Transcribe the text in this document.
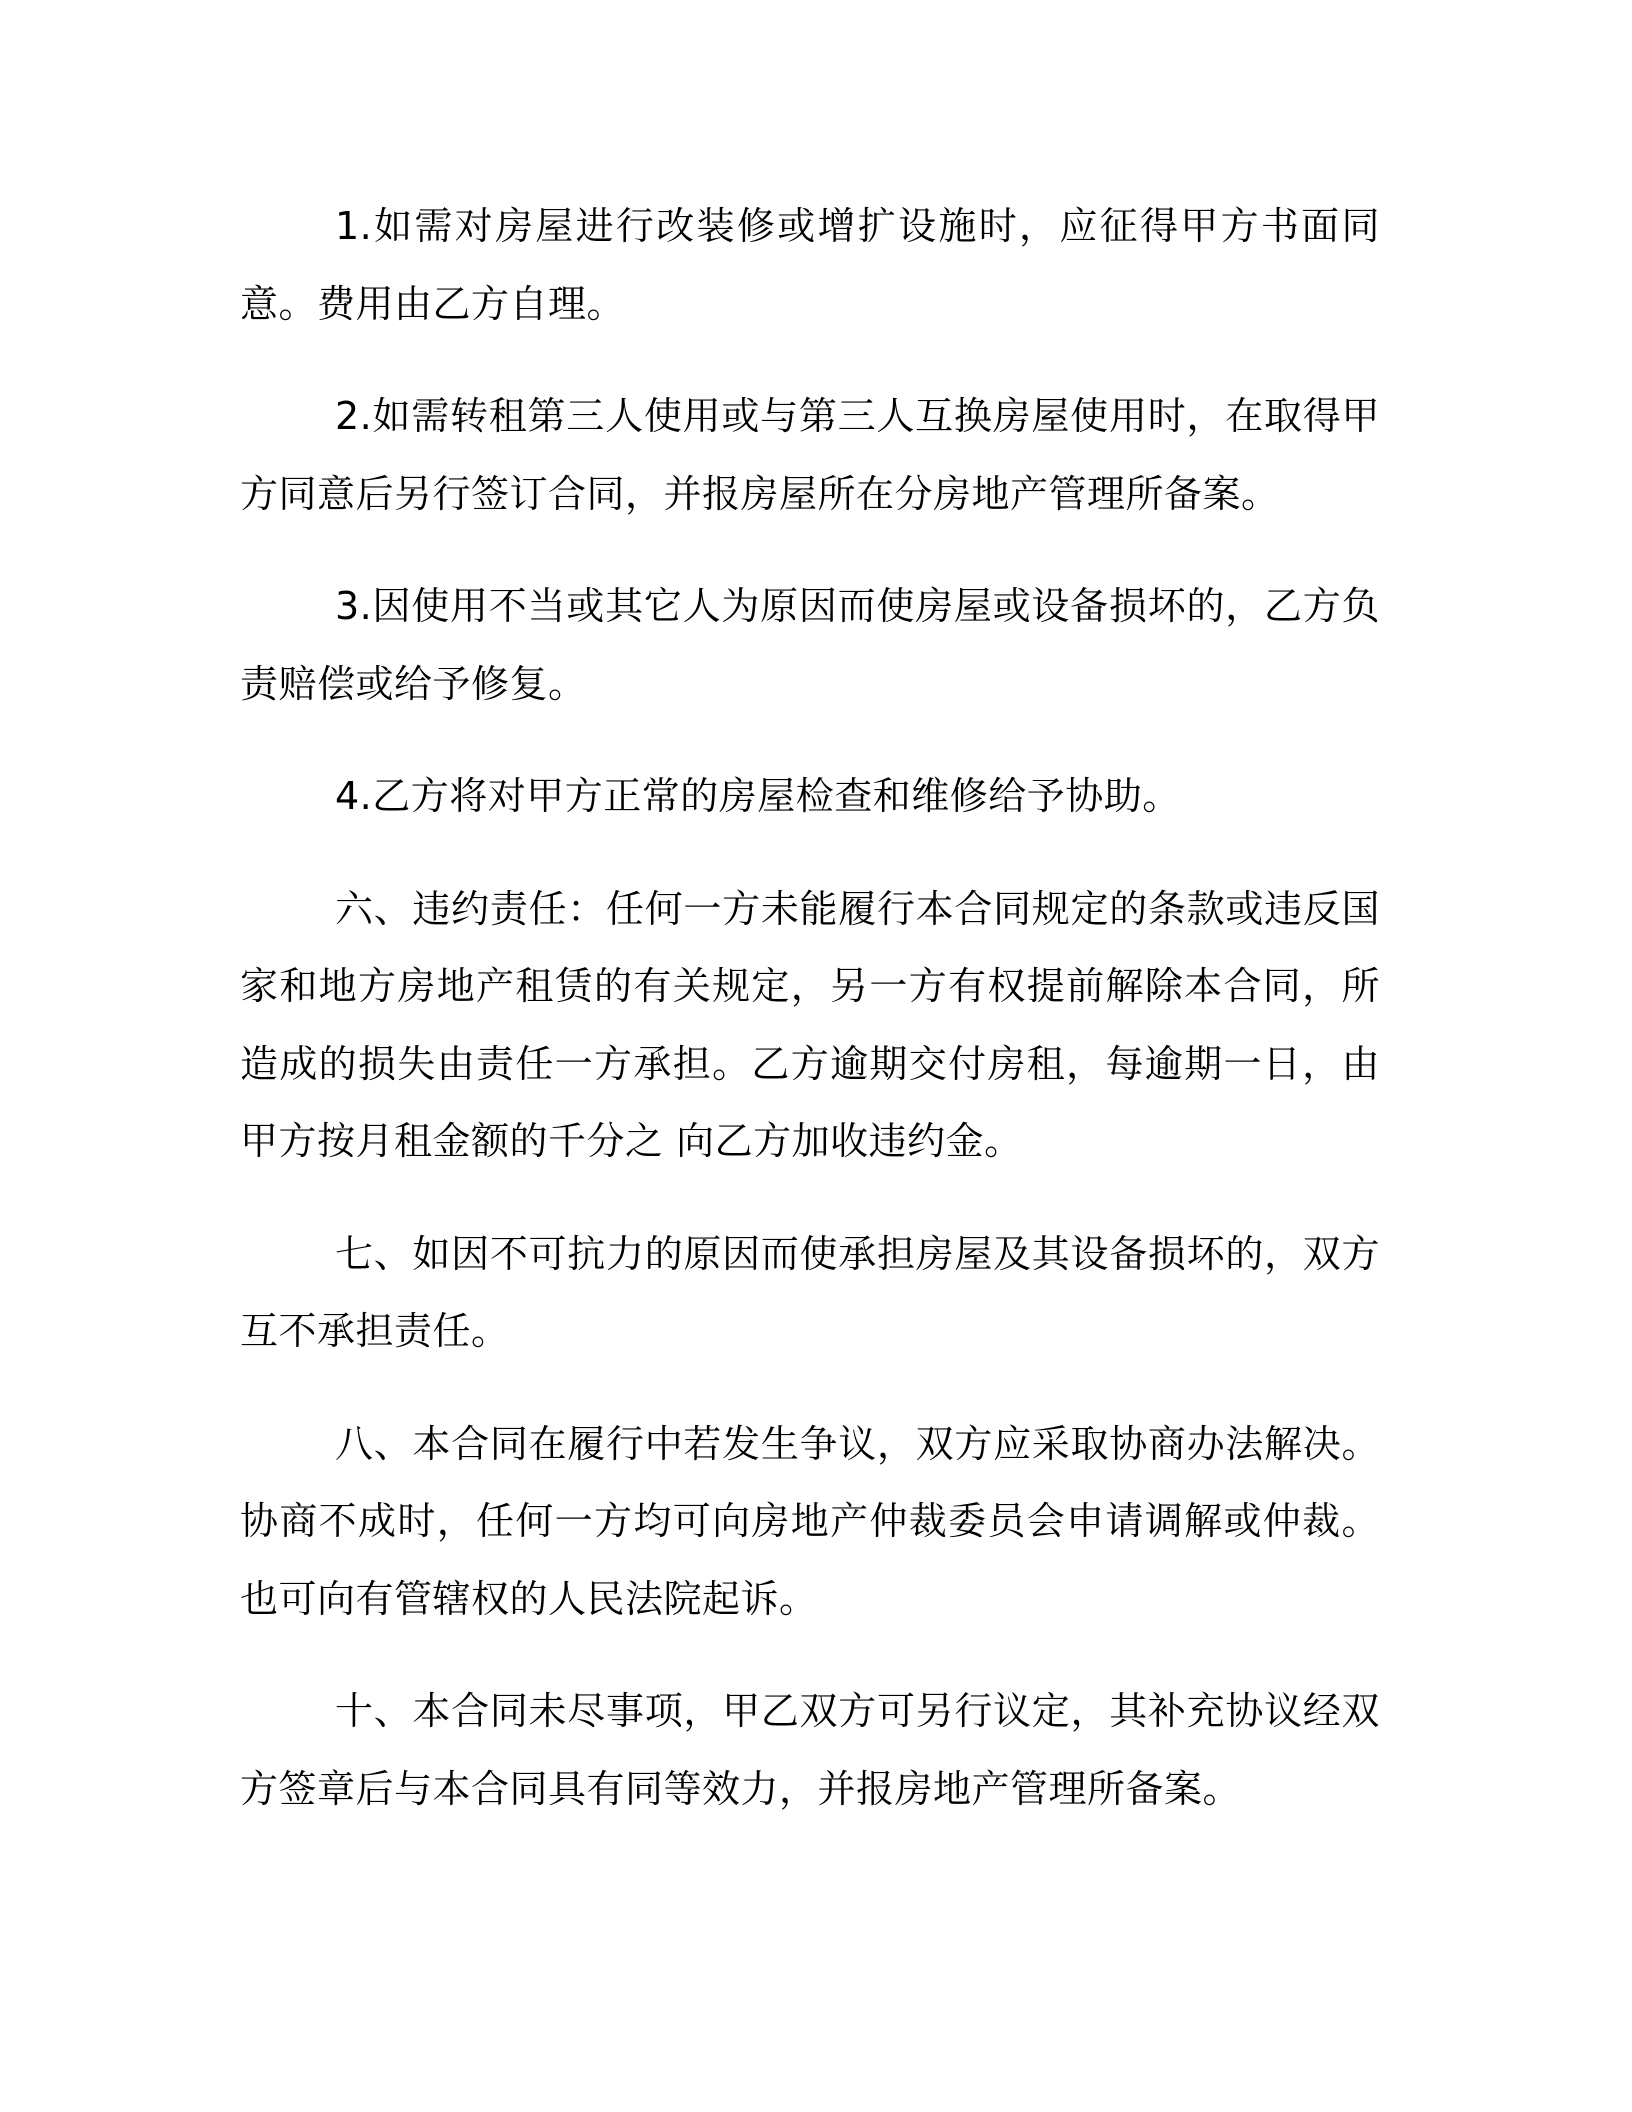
1.如需对房屋进行改装修或增扩设施时，应征得甲方书面同意。费用由乙方自理。

2.如需转租第三人使用或与第三人互换房屋使用时，在取得甲方同意后另行签订合同，并报房屋所在分房地产管理所备案。

3.因使用不当或其它人为原因而使房屋或设备损坏的，乙方负责赔偿或给予修复。

4.乙方将对甲方正常的房屋检查和维修给予协助。

六、违约责任：任何一方未能履行本合同规定的条款或违反国家和地方房地产租赁的有关规定，另一方有权提前解除本合同，所造成的损失由责任一方承担。乙方逾期交付房租，每逾期一日，由甲方按月租金额的千分之 向乙方加收违约金。

七、如因不可抗力的原因而使承担房屋及其设备损坏的，双方互不承担责任。

八、本合同在履行中若发生争议，双方应采取协商办法解决。协商不成时，任何一方均可向房地产仲裁委员会申请调解或仲裁。也可向有管辖权的人民法院起诉。

十、本合同未尽事项，甲乙双方可另行议定，其补充协议经双方签章后与本合同具有同等效力，并报房地产管理所备案。
